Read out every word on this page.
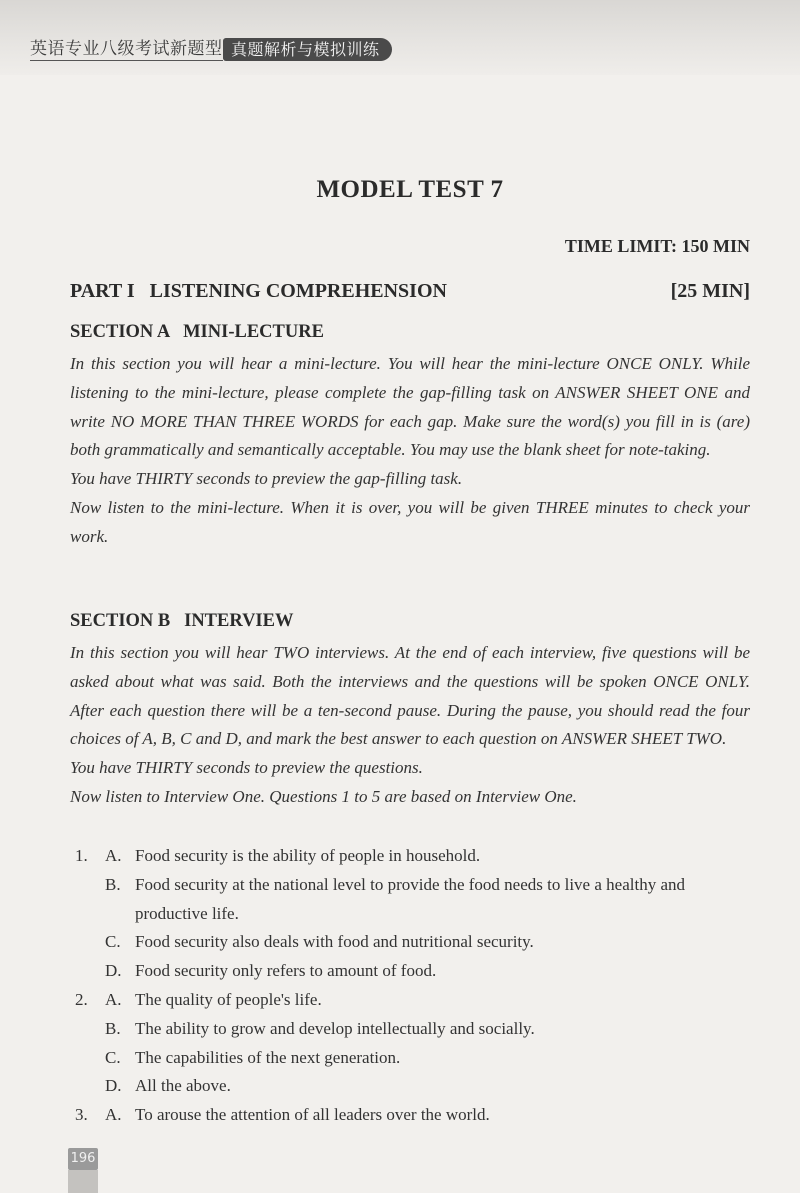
英语专业八级考试新题型 真题解析与模拟训练
MODEL TEST 7
TIME LIMIT: 150 MIN
PART I   LISTENING COMPREHENSION	[25 MIN]
SECTION A   MINI-LECTURE

In this section you will hear a mini-lecture. You will hear the mini-lecture ONCE ONLY. While listening to the mini-lecture, please complete the gap-filling task on ANSWER SHEET ONE and write NO MORE THAN THREE WORDS for each gap. Make sure the word(s) you fill in is (are) both grammatically and semantically acceptable. You may use the blank sheet for note-taking.

You have THIRTY seconds to preview the gap-filling task.

Now listen to the mini-lecture. When it is over, you will be given THREE minutes to check your work.

SECTION B   INTERVIEW

In this section you will hear TWO interviews. At the end of each interview, five questions will be asked about what was said. Both the interviews and the questions will be spoken ONCE ONLY. After each question there will be a ten-second pause. During the pause, you should read the four choices of A, B, C and D, and mark the best answer to each question on ANSWER SHEET TWO.

You have THIRTY seconds to preview the questions.

Now listen to Interview One. Questions 1 to 5 are based on Interview One.

1. A. Food security is the ability of people in household.
B. Food security at the national level to provide the food needs to live a healthy and productive life.
C. Food security also deals with food and nutritional security.
D. Food security only refers to amount of food.
2. A. The quality of people's life.
B. The ability to grow and develop intellectually and socially.
C. The capabilities of the next generation.
D. All the above.
3. A. To arouse the attention of all leaders over the world.
196
